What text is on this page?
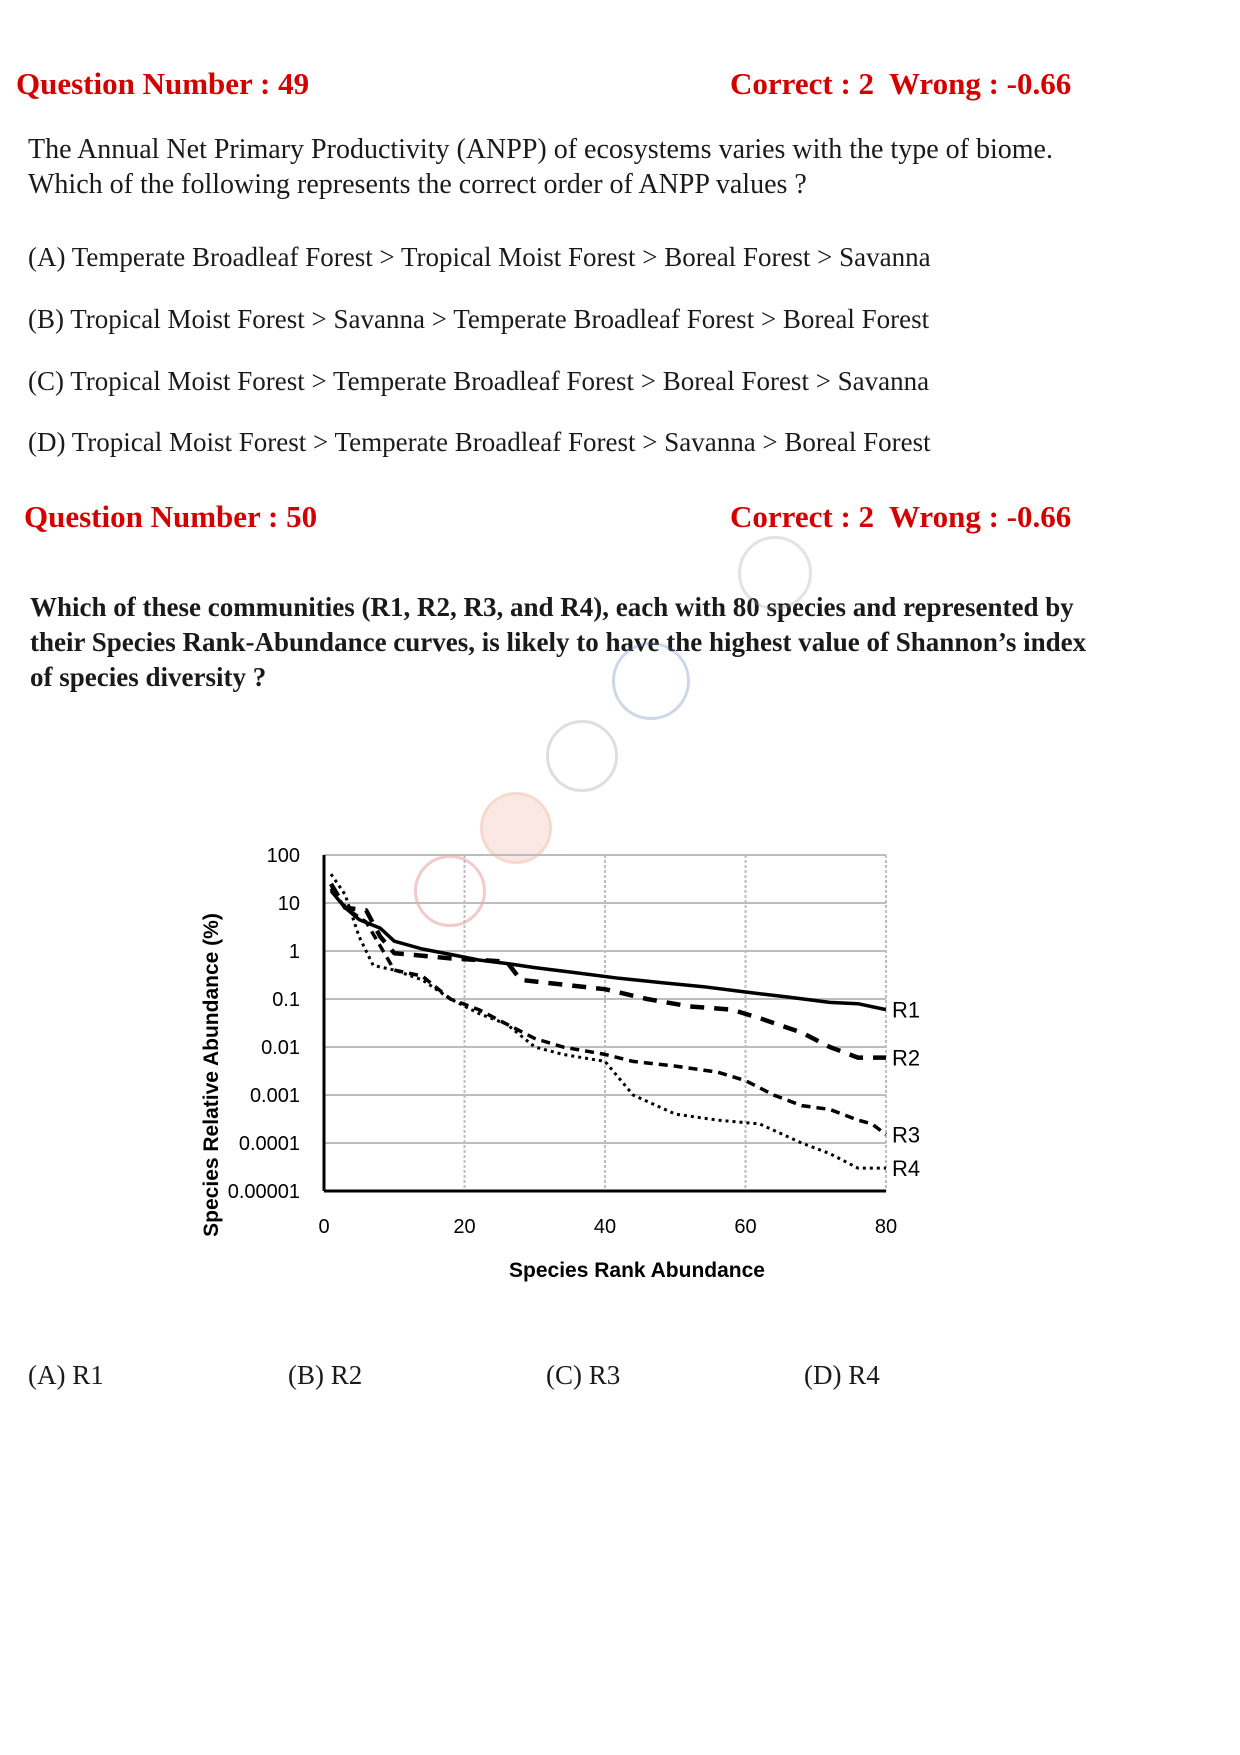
Question Number : 49	Correct : 2  Wrong : -0.66
The Annual Net Primary Productivity (ANPP) of ecosystems varies with the type of biome. Which of the following represents the correct order of ANPP values ?
(A) Temperate Broadleaf Forest > Tropical Moist Forest > Boreal Forest > Savanna
(B) Tropical Moist Forest > Savanna > Temperate Broadleaf Forest > Boreal Forest
(C) Tropical Moist Forest > Temperate Broadleaf Forest > Boreal Forest > Savanna
(D) Tropical Moist Forest > Temperate Broadleaf Forest > Savanna > Boreal Forest
Question Number : 50	Correct : 2  Wrong : -0.66
Which of these communities (R1, R2, R3, and R4), each with 80 species and represented by their Species Rank-Abundance curves, is likely to have the highest value of Shannon’s index of species diversity ?
R1
R2
R3
R4
100
10
1
0.1
0.01
0.001
0.0001
0.00001
0	20	40	60	80
Species Relative Abundance (%)
Species Rank Abundance
(A) R1	(B) R2	(C) R3	(D) R4
